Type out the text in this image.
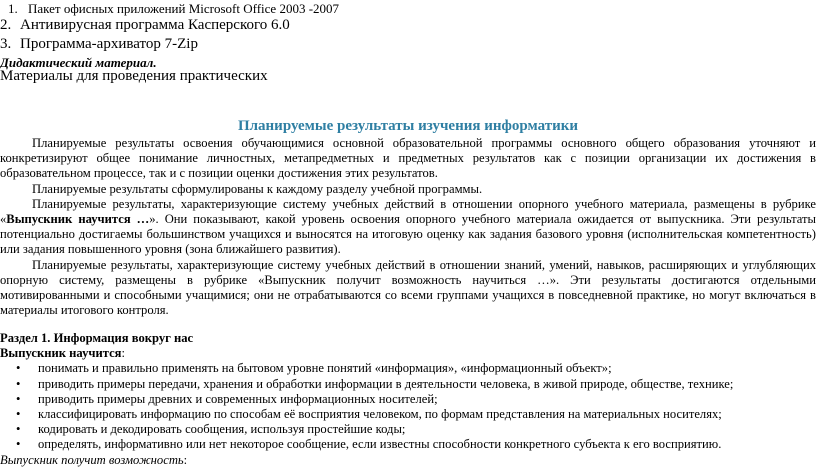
1. Пакет офисных приложений Microsoft Office 2003 -2007
2. Антивирусная программа Касперского 6.0
3. Программа-архиватор 7-Zip
Дидактический материал.
Материалы для проведения практических
Планируемые результаты изучения информатики

Планируемые результаты освоения обучающимися основной образовательной программы основного общего образования уточняют и конкретизируют общее понимание личностных, метапредметных и предметных результатов как с позиции организации их достижения в образовательном процессе, так и с позиции оценки достижения этих результатов.

Планируемые результаты сформулированы к каждому разделу учебной программы.

Планируемые результаты, характеризующие систему учебных действий в отношении опорного учебного материала, размещены в рубрике «Выпускник научится …». Они показывают, какой уровень освоения опорного учебного материала ожидается от выпускника. Эти результаты потенциально достигаемы большинством учащихся и выносятся на итоговую оценку как задания базового уровня (исполнительская компетентность) или задания повышенного уровня (зона ближайшего развития).

Планируемые результаты, характеризующие систему учебных действий в отношении знаний, умений, навыков, расширяющих и углубляющих опорную систему, размещены в рубрике «Выпускник получит возможность научиться …». Эти результаты достигаются отдельными мотивированными и способными учащимися; они не отрабатываются со всеми группами учащихся в повседневной практике, но могут включаться в материалы итогового контроля.

Раздел 1. Информация вокруг нас
Выпускник научится:
• понимать и правильно применять на бытовом уровне понятий «информация», «информационный объект»;
• приводить примеры передачи, хранения и обработки информации в деятельности человека, в живой природе, обществе, технике;
• приводить примеры древних и современных информационных носителей;
• классифицировать информацию по способам её восприятия человеком, по формам представления на материальных носителях;
• кодировать и декодировать сообщения, используя простейшие коды;
• определять, информативно или нет некоторое сообщение, если известны способности конкретного субъекта к его восприятию.
Выпускник получит возможность:
